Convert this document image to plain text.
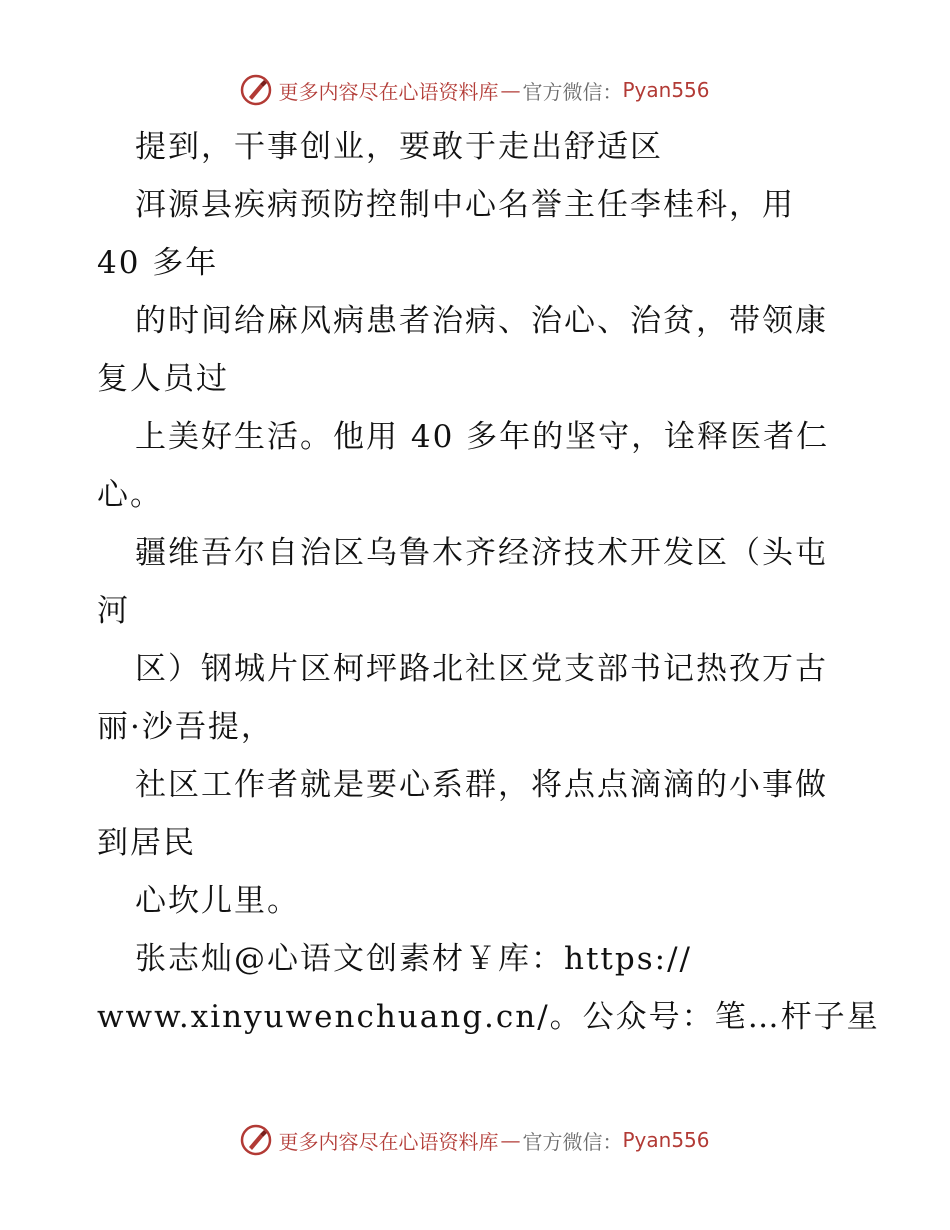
更多内容尽在心语资料库 — 官方微信： Pyan556
提到，干事创业，要敢于走出舒适区
洱源县疾病预防控制中心名誉主任李桂科，用
40 多年
的时间给麻风病患者治病、治心、治贫，带领康
复人员过
上美好生活。他用 40 多年的坚守，诠释医者仁
心。
疆维吾尔自治区乌鲁木齐经济技术开发区（头屯
河
区）钢城片区柯坪路北社区党支部书记热孜万古
丽·沙吾提，
社区工作者就是要心系群，将点点滴滴的小事做
到居民
心坎儿里。
张志灿@心语文创素材￥库：https://
www.xinyuwenchuang.cn/。公众号：笔…杆子星
更多内容尽在心语资料库 — 官方微信： Pyan556
